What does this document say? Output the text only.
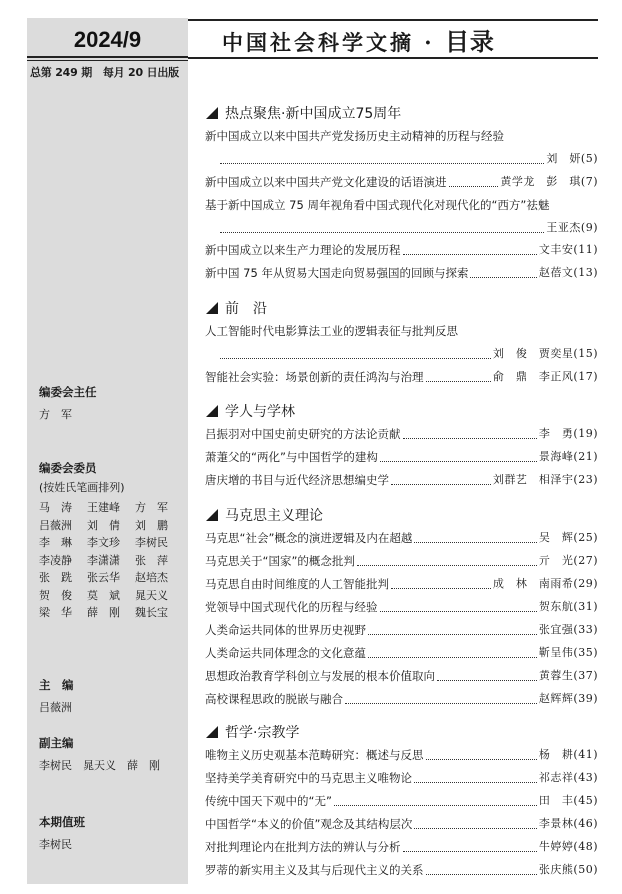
2024/9
总第 249 期　每月 20 日出版
编委会主任
方　军
编委会委员
(按姓氏笔画排列)
马　涛 王建峰 方　军
吕薇洲 刘　倩 刘　鹏
李　琳 李文珍 李树民
李凌静 李潇潇 张　萍
张　跣 张云华 赵培杰
贺　俊 莫　斌 晁天义
梁　华 薛　刚 魏长宝
主　编
吕薇洲
副主编
李树民　晁天义　薛　刚
本期值班
李树民
中国社会科学文摘 · 目录
热点聚焦·新中国成立75周年
新中国成立以来中国共产党发扬历史主动精神的历程与经验
刘　妍(5)
新中国成立以来中国共产党文化建设的话语演进	黄学龙　彭　琪(7)
基于新中国成立 75 周年视角看中国式现代化对现代化的“西方”祛魅
王亚杰(9)
新中国成立以来生产力理论的发展历程	文丰安(11)
新中国 75 年从贸易大国走向贸易强国的回顾与探索	赵蓓文(13)
前　沿
人工智能时代电影算法工业的逻辑表征与批判反思
刘　俊　贾奕星(15)
智能社会实验：场景创新的责任鸿沟与治理	俞　鼎　李正风(17)
学人与学林
吕振羽对中国史前史研究的方法论贡献	李　勇(19)
萧萐父的“两化”与中国哲学的建构	景海峰(21)
唐庆增的书目与近代经济思想编史学	刘群艺　相泽宇(23)
马克思主义理论
马克思“社会”概念的演进逻辑及内在超越	吴　辉(25)
马克思关于“国家”的概念批判	亓　光(27)
马克思自由时间维度的人工智能批判	成　林　南雨希(29)
党领导中国式现代化的历程与经验	贺东航(31)
人类命运共同体的世界历史视野	张宜强(33)
人类命运共同体理念的文化意蕴	靳呈伟(35)
思想政治教育学科创立与发展的根本价值取向	黄蓉生(37)
高校课程思政的脱嵌与融合	赵辉辉(39)
哲学·宗教学
唯物主义历史观基本范畴研究：概述与反思	杨　耕(41)
坚持美学美育研究中的马克思主义唯物论	祁志祥(43)
传统中国天下观中的“无”	田　丰(45)
中国哲学“本义的价值”观念及其结构层次	李景林(46)
对批判理论内在批判方法的辨认与分析	牛婷婷(48)
罗蒂的新实用主义及其与后现代主义的关系	张庆熊(50)
